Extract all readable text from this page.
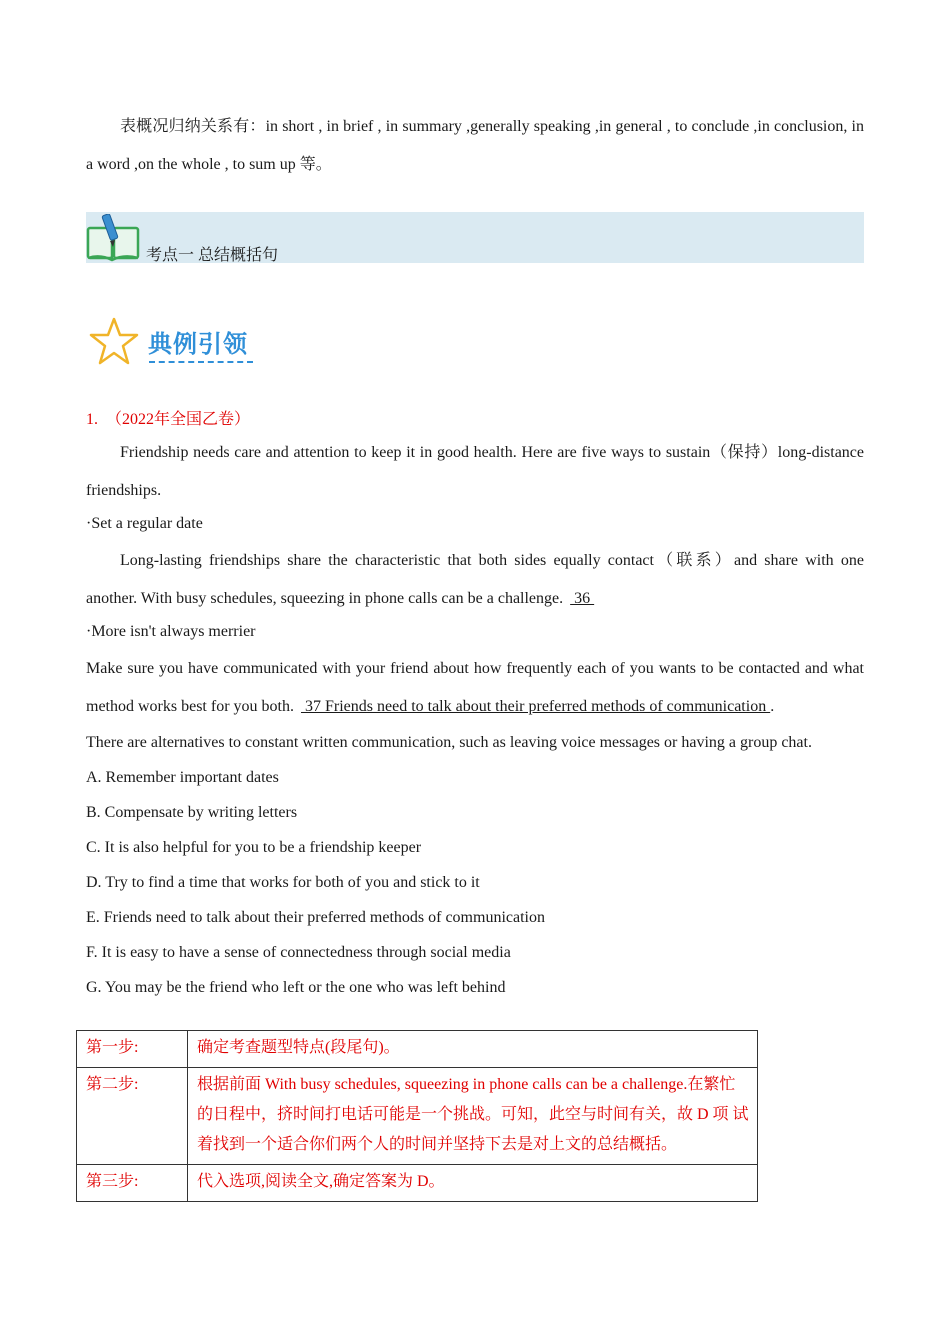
表概况归纳关系有：in short , in brief , in summary ,generally speaking ,in general , to conclude ,in conclusion, in a word ,on the whole , to sum up 等。
考点一 总结概括句
典例引领
1. （2022年全国乙卷）
Friendship needs care and attention to keep it in good health. Here are five ways to sustain（保持）long-distance friendships.
·Set a regular date
Long-lasting friendships share the characteristic that both sides equally contact（联系）and share with one another. With busy schedules, squeezing in phone calls can be a challenge.  36
·More isn't always merrier
Make sure you have communicated with your friend about how frequently each of you wants to be contacted and what method works best for you both.  37 Friends need to talk about their preferred methods of communication .
There are alternatives to constant written communication, such as leaving voice messages or having a group chat.
A. Remember important dates
B. Compensate by writing letters
C. It is also helpful for you to be a friendship keeper
D. Try to find a time that works for both of you and stick to it
E. Friends need to talk about their preferred methods of communication
F. It is easy to have a sense of connectedness through social media
G. You may be the friend who left or the one who was left behind
第一步:	确定考查题型特点(段尾句)。
第二步:	根据前面 With busy schedules, squeezing in phone calls can be a challenge.在繁忙的日程中，挤时间打电话可能是一个挑战。可知，此空与时间有关，故 D 项 试着找到一个适合你们两个人的时间并坚持下去是对上文的总结概括。
第三步:	代入选项,阅读全文,确定答案为 D。
